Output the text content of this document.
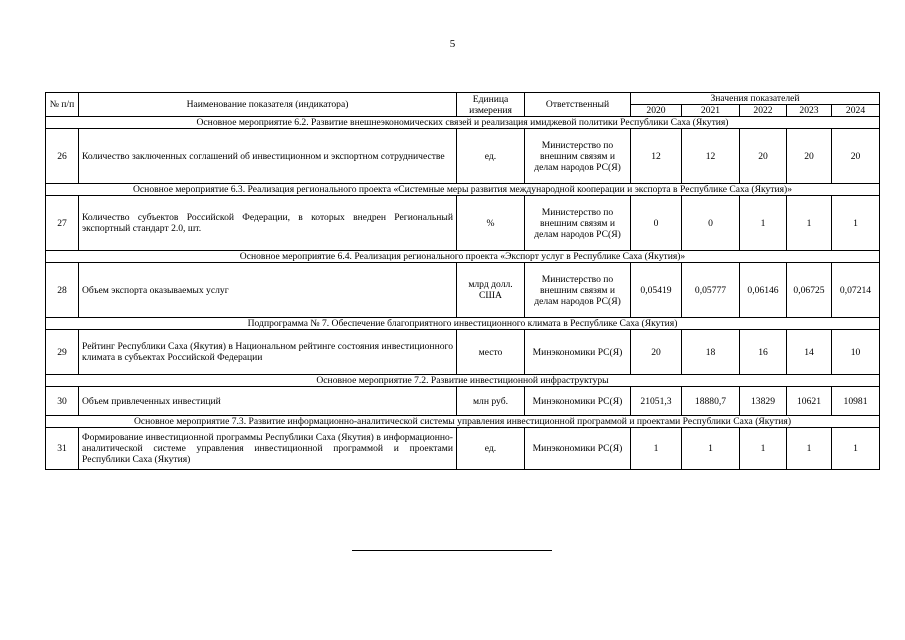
5
№ п/п	Наименование показателя (индикатора)	Единица измерения	Ответственный	Значения показателей				
				2020	2021	2022	2023	2024
Основное мероприятие 6.2. Развитие внешнеэкономических связей и реализация имиджевой политики Республики Саха (Якутия)								
26	Количество заключенных соглашений об инвестиционном и экспортном сотрудничестве	ед.	Министерство по внешним связям и делам народов РС(Я)	12	12	20	20	20
Основное мероприятие 6.3. Реализация регионального проекта «Системные меры развития международной кооперации и экспорта в Республике Саха (Якутия)»								
27	Количество субъектов Российской Федерации, в которых внедрен Региональный экспортный стандарт 2.0, шт.	%	Министерство по внешним связям и делам народов РС(Я)	0	0	1	1	1
Основное мероприятие 6.4. Реализация регионального проекта «Экспорт услуг в Республике Саха (Якутия)»								
28	Объем экспорта оказываемых услуг	млрд долл. США	Министерство по внешним связям и делам народов РС(Я)	0,05419	0,05777	0,06146	0,06725	0,07214
Подпрограмма № 7. Обеспечение благоприятного инвестиционного климата в Республике Саха (Якутия)								
29	Рейтинг Республики Саха (Якутия) в Национальном рейтинге состояния инвестиционного климата в субъектах Российской Федерации	место	Минэкономики РС(Я)	20	18	16	14	10
Основное мероприятие 7.2. Развитие инвестиционной инфраструктуры								
30	Объем привлеченных инвестиций	млн руб.	Минэкономики РС(Я)	21051,3	18880,7	13829	10621	10981
Основное мероприятие 7.3. Развитие информационно-аналитической системы управления инвестиционной программой и проектами Республики Саха (Якутия)								
31	Формирование инвестиционной программы Республики Саха (Якутия) в информационно-аналитической системе управления инвестиционной программой и проектами Республики Саха (Якутия)	ед.	Минэкономики РС(Я)	1	1	1	1	1
